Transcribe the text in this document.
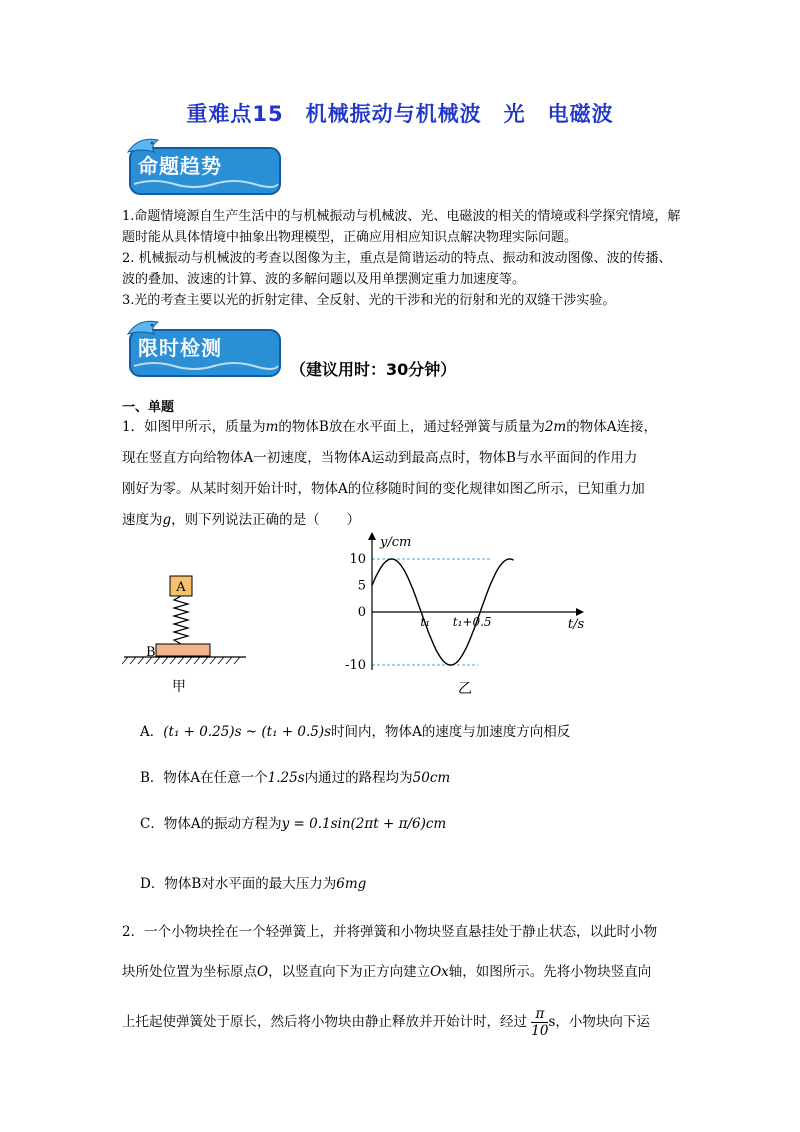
重难点15　机械振动与机械波　光　电磁波
命题趋势

1.命题情境源自生产生活中的与机械振动与机械波、光、电磁波的相关的情境或科学探究情境，解题时能从具体情境中抽象出物理模型，正确应用相应知识点解决物理实际问题。

2. 机械振动与机械波的考查以图像为主，重点是简谐运动的特点、振动和波动图像、波的传播、波的叠加、波速的计算、波的多解问题以及用单摆测定重力加速度等。

3.光的考查主要以光的折射定律、全反射、光的干涉和光的衍射和光的双缝干涉实验。

限时检测
（建议用时：30分钟）
一、单题

1．如图甲所示，质量为m的物体B放在水平面上，通过轻弹簧与质量为2m的物体A连接，

现在竖直方向给物体A一初速度，当物体A运动到最高点时，物体B与水平面间的作用力

刚好为零。从某时刻开始计时，物体A的位移随时间的变化规律如图乙所示，已知重力加

速度为g，则下列说法正确的是（　　）

A
B
甲
y/cm
t/s
10
5
0
-10
t₁ t₁+0.5
乙
A．(t₁ + 0.25)s ~ (t₁ + 0.5)s时间内，物体A的速度与加速度方向相反
B．物体A在任意一个1.25s内通过的路程均为50cm
C．物体A的振动方程为y = 0.1sin(2πt + π/6)cm
D．物体B对水平面的最大压力为6mg

2．一个小物块拴在一个轻弹簧上，并将弹簧和小物块竖直悬挂处于静止状态，以此时小物

块所处位置为坐标原点O，以竖直向下为正方向建立Ox轴，如图所示。先将小物块竖直向

上托起使弹簧处于原长，然后将小物块由静止释放并开始计时，经过 $\frac{\pi}{10}$ s，小物块向下运
